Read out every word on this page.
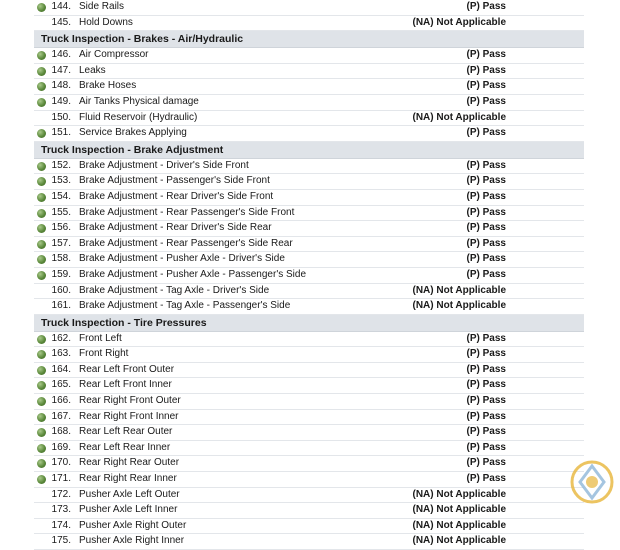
144. Side Rails	(P) Pass
145. Hold Downs	(NA) Not Applicable
Truck Inspection - Brakes - Air/Hydraulic
146. Air Compressor	(P) Pass
147. Leaks	(P) Pass
148. Brake Hoses	(P) Pass
149. Air Tanks Physical damage	(P) Pass
150. Fluid Reservoir (Hydraulic)	(NA) Not Applicable
151. Service Brakes Applying	(P) Pass
Truck Inspection - Brake Adjustment
152. Brake Adjustment - Driver's Side Front	(P) Pass
153. Brake Adjustment - Passenger's Side Front	(P) Pass
154. Brake Adjustment - Rear Driver's Side Front	(P) Pass
155. Brake Adjustment - Rear Passenger's Side Front	(P) Pass
156. Brake Adjustment - Rear Driver's Side Rear	(P) Pass
157. Brake Adjustment - Rear Passenger's Side Rear	(P) Pass
158. Brake Adjustment - Pusher Axle - Driver's Side	(P) Pass
159. Brake Adjustment - Pusher Axle - Passenger's Side	(P) Pass
160. Brake Adjustment - Tag Axle - Driver's Side	(NA) Not Applicable
161. Brake Adjustment - Tag Axle - Passenger's Side	(NA) Not Applicable
Truck Inspection - Tire Pressures
162. Front Left	(P) Pass
163. Front Right	(P) Pass
164. Rear Left Front Outer	(P) Pass
165. Rear Left Front Inner	(P) Pass
166. Rear Right Front Outer	(P) Pass
167. Rear Right Front Inner	(P) Pass
168. Rear Left Rear Outer	(P) Pass
169. Rear Left Rear Inner	(P) Pass
170. Rear Right Rear Outer	(P) Pass
171. Rear Right Rear Inner	(P) Pass
172. Pusher Axle Left Outer	(NA) Not Applicable
173. Pusher Axle Left Inner	(NA) Not Applicable
174. Pusher Axle Right Outer	(NA) Not Applicable
175. Pusher Axle Right Inner	(NA) Not Applicable
